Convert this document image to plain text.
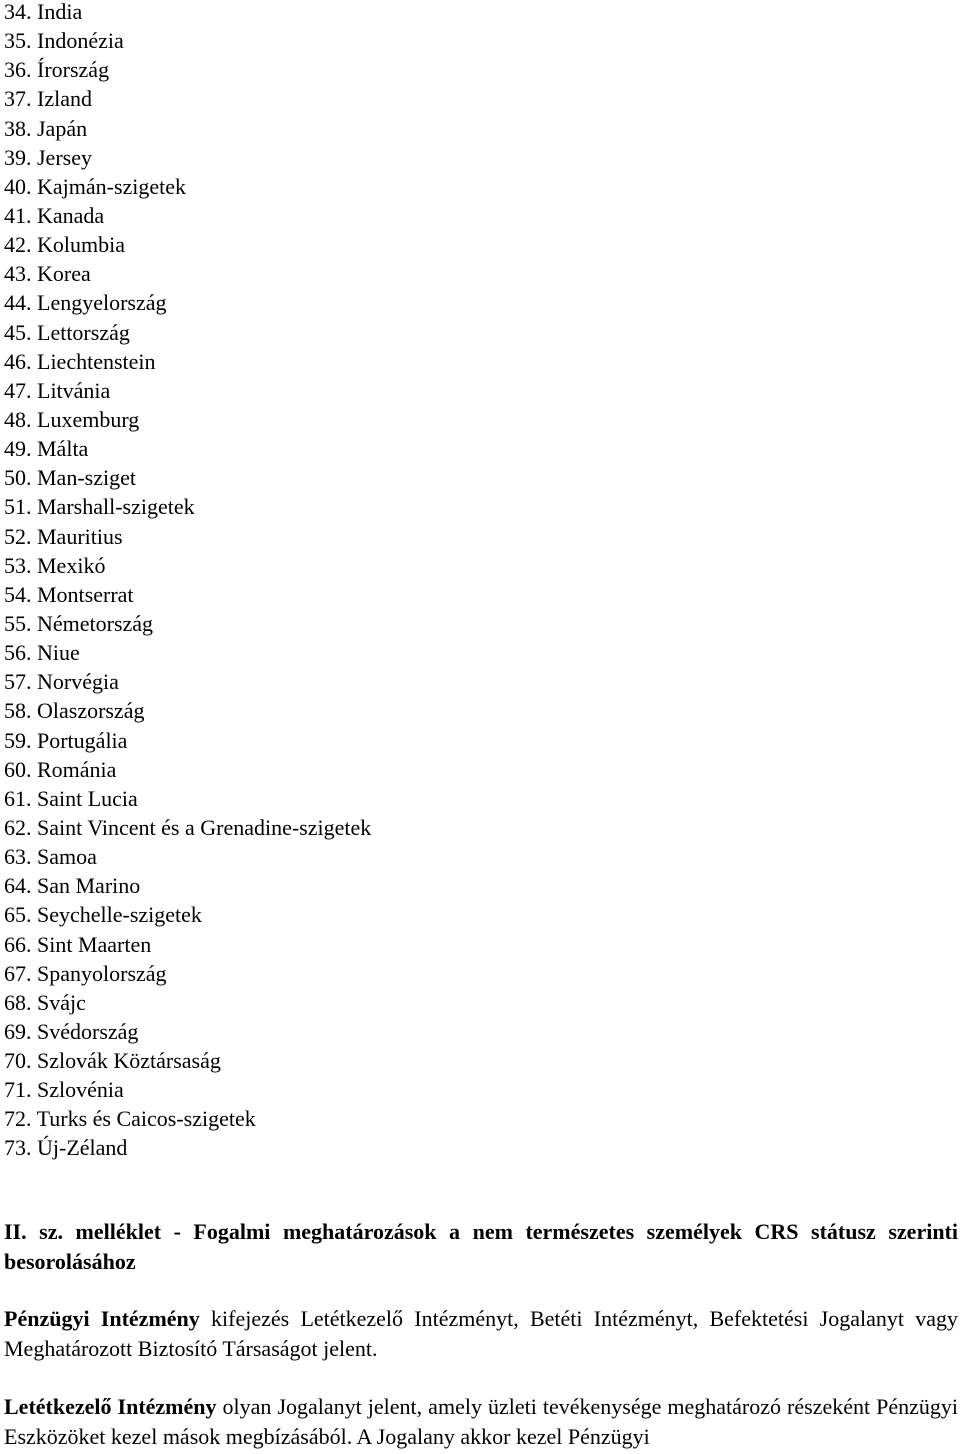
34. India
35. Indonézia
36. Írország
37. Izland
38. Japán
39. Jersey
40. Kajmán-szigetek
41. Kanada
42. Kolumbia
43. Korea
44. Lengyelország
45. Lettország
46. Liechtenstein
47. Litvánia
48. Luxemburg
49. Málta
50. Man-sziget
51. Marshall-szigetek
52. Mauritius
53. Mexikó
54. Montserrat
55. Németország
56. Niue
57. Norvégia
58. Olaszország
59. Portugália
60. Románia
61. Saint Lucia
62. Saint Vincent és a Grenadine-szigetek
63. Samoa
64. San Marino
65. Seychelle-szigetek
66. Sint Maarten
67. Spanyolország
68. Svájc
69. Svédország
70. Szlovák Köztársaság
71. Szlovénia
72. Turks és Caicos-szigetek
73. Új-Zéland
II. sz. melléklet - Fogalmi meghatározások a nem természetes személyek CRS státusz szerinti besorolásához

Pénzügyi Intézmény kifejezés Letétkezelő Intézményt, Betéti Intézményt, Befektetési Jogalanyt vagy Meghatározott Biztosító Társaságot jelent.

Letétkezelő Intézmény olyan Jogalanyt jelent, amely üzleti tevékenysége meghatározó részeként Pénzügyi Eszközöket kezel mások megbízásából. A Jogalany akkor kezel Pénzügyi
